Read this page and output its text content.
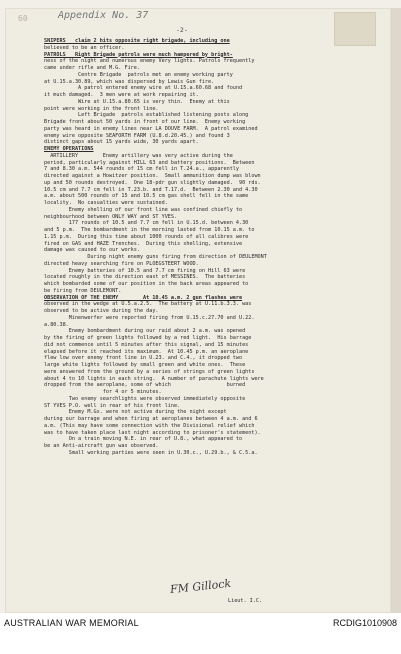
60	Appendix No. 37
-2-
SNIPERS   claim 2 hits opposite right brigade, including one
believed to be an officer.
PATROLS   Right Brigade patrols were much hampered by bright-
ness of the night and numerous enemy Very lights. Patrols frequently
came under rifle and M.G. Fire.
Centre Brigade  patrols met an enemy working party
at U.15.a.30.89, which was dispersed by Lewis Gun fire.
A patrol entered enemy wire at U.15.a.60.68 and found
it much damaged.  3 men were at work repairing it.
Wire at U.15.a.80.65 is very thin.  Enemy at this
point were working in the front line.
Left Brigade  patrols established listening posts along
Brigade front about 50 yards in front of our line.  Enemy working
party was heard in enemy lines near LA DOUVE FARM.  A patrol examined
enemy wire opposite SEAFORTH FARM (U.8.d.20.45.) and found 3
distinct gaps about 15 yards wide, 30 yards apart.
ENEMY OPERATIONS
ARTILLERY        Enemy artillery was very active during the
period, particularly against HILL 63 and battery positions.  Between
7 and 8.30 a.m. 544 rounds of 15 cm fell in T.24.a., apparently
directed against a Howitzer position.  Small ammunition dump was blown
up and 50 rounds destroyed.  One 18-pdr gun slightly damaged.  90 rds.
10.5 cm and 7.7 cm fell in T.23.b. and T.17.d.  Between 2.30 and 4.30
a.m. about 500 rounds of 15 and 10.5 cm gas shell fell in the same
locality.  No casualties were sustained.
Enemy shelling of our front line was confined chiefly to
neighbourhood between ONLY WAY and ST YVES.
177 rounds of 10.5 and 7.7 cm fell in U.15.d. between 4.30
and 5 p.m.  The bombardment in the morning lasted from 10.15 a.m. to
1.15 p.m.  During this time about 1000 rounds of all calibres were
fired on GAS and HAZE Trenches.  During this shelling, extensive
damage was caused to our works.
During night enemy guns firing from direction of DEULEMONT
directed heavy searching fire on PLOEGSTEERT WOOD.
Enemy batteries of 10.5 and 7.7 cm firing on Hill 63 were
located roughly in the direction east of MESSINES.  The batteries
which bombarded some of our position in the back areas appeared to
be firing from DEULEMONT.
OBSERVATION OF THE ENEMY        At 10.45 a.m. 2 gun flashes were
observed in the wedge at U.5.a.2.5.  The battery at U.11.b.3.3. was
observed to be active during the day.
Minenwerfer were reported firing from U.15.c.27.70 and U.22.
a.80.38.
Enemy bombardment during our raid about 2 a.m. was opened
by the firing of green lights followed by a red light.  His barrage
did not commence until 5 minutes after this signal, and 15 minutes
elapsed before it reached its maximum.  At 10.45 p.m. an aeroplane
flew low over enemy front line in U.23. and C.4., it dropped two
large white lights followed by small green and white ones.  These
were answered from the ground by a series of strings of green lights
about 4 to 10 lights in each string.  A number of parachute lights were
dropped from the aeroplane, some of which                  burned
for 4 or 5 minutes.
Two enemy searchlights were observed immediately opposite
ST YVES P.O. well in rear of his front line.
Enemy M.Gs. were not active during the night except
during our barrage and when firing at aeroplanes between 4 a.m. and 6
a.m. (This may have some connection with the Divisional relief which
was to have taken place last night according to prisoner's statement).
On a train moving N.E. in rear of U.8., what appeared to
be an Anti-aircraft gun was observed.
Small working parties were seen in U.30.c., U.29.b., & C.5.a.
FM Gillock

Lieut. I.C.

AUSTRALIAN WAR MEMORIAL	RCDIG1010908
